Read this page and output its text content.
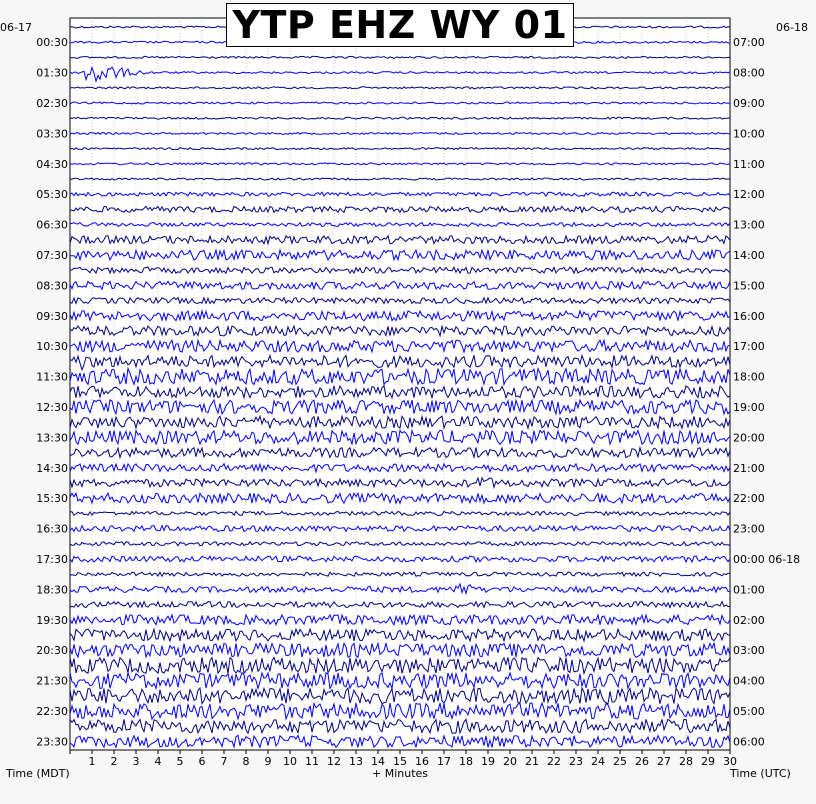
1 2 3 4 5 6 7 8 9 10 11 12 13 14 15 16 17 18 19 20 21 22 23 24 25 26 27 28 29 30
00:30
01:30
02:30
03:30
04:30
05:30
06:30
07:30
08:30
09:30
10:30
11:30
12:30
13:30
14:30
15:30
16:30
17:30
18:30
19:30
20:30
21:30
22:30
23:30
07:00
08:00
09:00
10:00
11:00
12:00
13:00
14:00
15:00
16:00
17:00
18:00
19:00
20:00
21:00
22:00
23:00
00:00 06-18
01:00
02:00
03:00
04:00
05:00
06:00
YTP EHZ WY 01
06-17	06-18
Time (MDT)	+ Minutes	Time (UTC)
